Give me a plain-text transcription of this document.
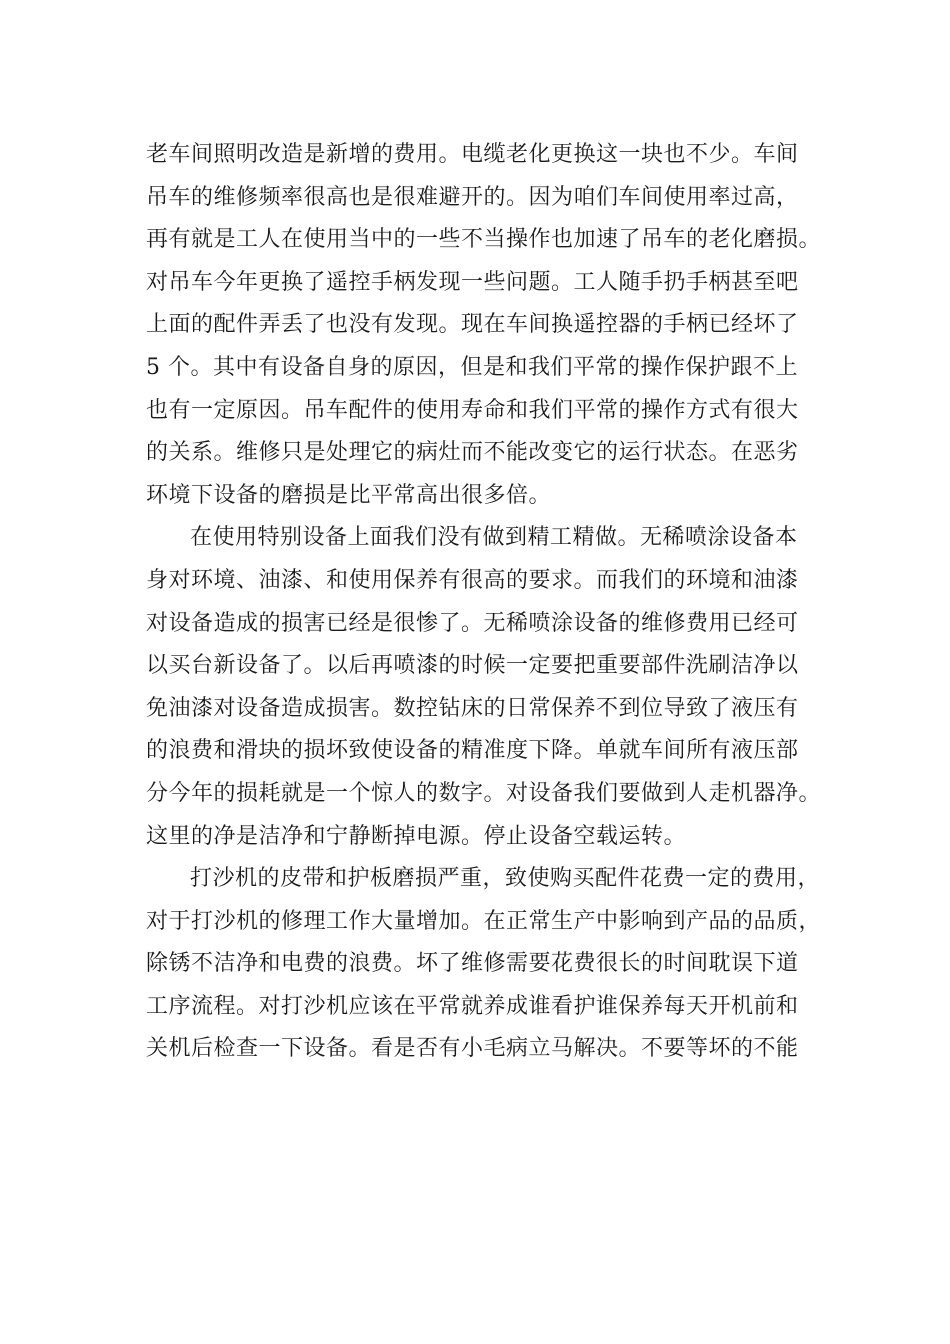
老车间照明改造是新增的费用。电缆老化更换这一块也不少。车间
吊车的维修频率很高也是很难避开的。因为咱们车间使用率过高，
再有就是工人在使用当中的一些不当操作也加速了吊车的老化磨损。
对吊车今年更换了遥控手柄发现一些问题。工人随手扔手柄甚至吧
上面的配件弄丢了也没有发现。现在车间换遥控器的手柄已经坏了
5 个。其中有设备自身的原因，但是和我们平常的操作保护跟不上
也有一定原因。吊车配件的使用寿命和我们平常的操作方式有很大
的关系。维修只是处理它的病灶而不能改变它的运行状态。在恶劣
环境下设备的磨损是比平常高出很多倍。
在使用特别设备上面我们没有做到精工精做。无稀喷涂设备本
身对环境、油漆、和使用保养有很高的要求。而我们的环境和油漆
对设备造成的损害已经是很惨了。无稀喷涂设备的维修费用已经可
以买台新设备了。以后再喷漆的时候一定要把重要部件洗刷洁净以
免油漆对设备造成损害。数控钻床的日常保养不到位导致了液压有
的浪费和滑块的损坏致使设备的精准度下降。单就车间所有液压部
分今年的损耗就是一个惊人的数字。对设备我们要做到人走机器净。
这里的净是洁净和宁静断掉电源。停止设备空载运转。
打沙机的皮带和护板磨损严重，致使购买配件花费一定的费用，
对于打沙机的修理工作大量增加。在正常生产中影响到产品的品质，
除锈不洁净和电费的浪费。坏了维修需要花费很长的时间耽误下道
工序流程。对打沙机应该在平常就养成谁看护谁保养每天开机前和
关机后检查一下设备。看是否有小毛病立马解决。不要等坏的不能
